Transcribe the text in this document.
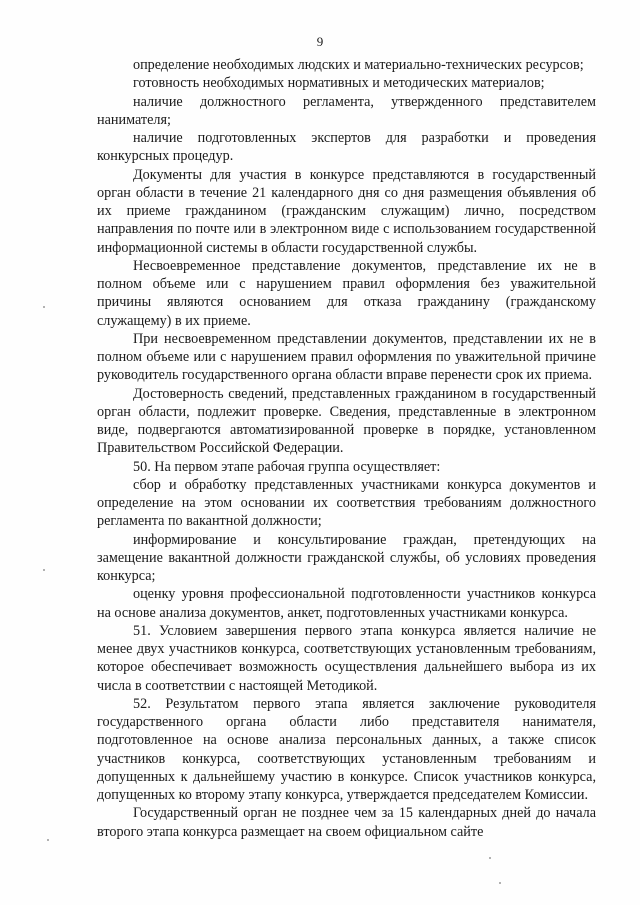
9

определение необходимых людских и материально-технических ресурсов;

готовность необходимых нормативных и методических материалов;

наличие должностного регламента, утвержденного представителем нанимателя;

наличие подготовленных экспертов для разработки и проведения конкурсных процедур.

Документы для участия в конкурсе представляются в государственный орган области в течение 21 календарного дня со дня размещения объявления об их приеме гражданином (гражданским служащим) лично, посредством направления по почте или в электронном виде с использованием государственной информационной системы в области государственной службы.

Несвоевременное представление документов, представление их не в полном объеме или с нарушением правил оформления без уважительной причины являются основанием для отказа гражданину (гражданскому служащему) в их приеме.

При несвоевременном представлении документов, представлении их не в полном объеме или с нарушением правил оформления по уважительной причине руководитель государственного органа области вправе перенести срок их приема.

Достоверность сведений, представленных гражданином в государственный орган области, подлежит проверке. Сведения, представленные в электронном виде, подвергаются автоматизированной проверке в порядке, установленном Правительством Российской Федерации.

50. На первом этапе рабочая группа осуществляет:

сбор и обработку представленных участниками конкурса документов и определение на этом основании их соответствия требованиям должностного регламента по вакантной должности;

информирование и консультирование граждан, претендующих на замещение вакантной должности гражданской службы, об условиях проведения конкурса;

оценку уровня профессиональной подготовленности участников конкурса на основе анализа документов, анкет, подготовленных участниками конкурса.

51. Условием завершения первого этапа конкурса является наличие не менее двух участников конкурса, соответствующих установленным требованиям, которое обеспечивает возможность осуществления дальнейшего выбора из их числа в соответствии с настоящей Методикой.

52. Результатом первого этапа является заключение руководителя государственного органа области либо представителя нанимателя, подготовленное на основе анализа персональных данных, а также список участников конкурса, соответствующих установленным требованиям и допущенных к дальнейшему участию в конкурсе. Список участников конкурса, допущенных ко второму этапу конкурса, утверждается председателем Комиссии.

Государственный орган не позднее чем за 15 календарных дней до начала второго этапа конкурса размещает на своем официальном сайте
